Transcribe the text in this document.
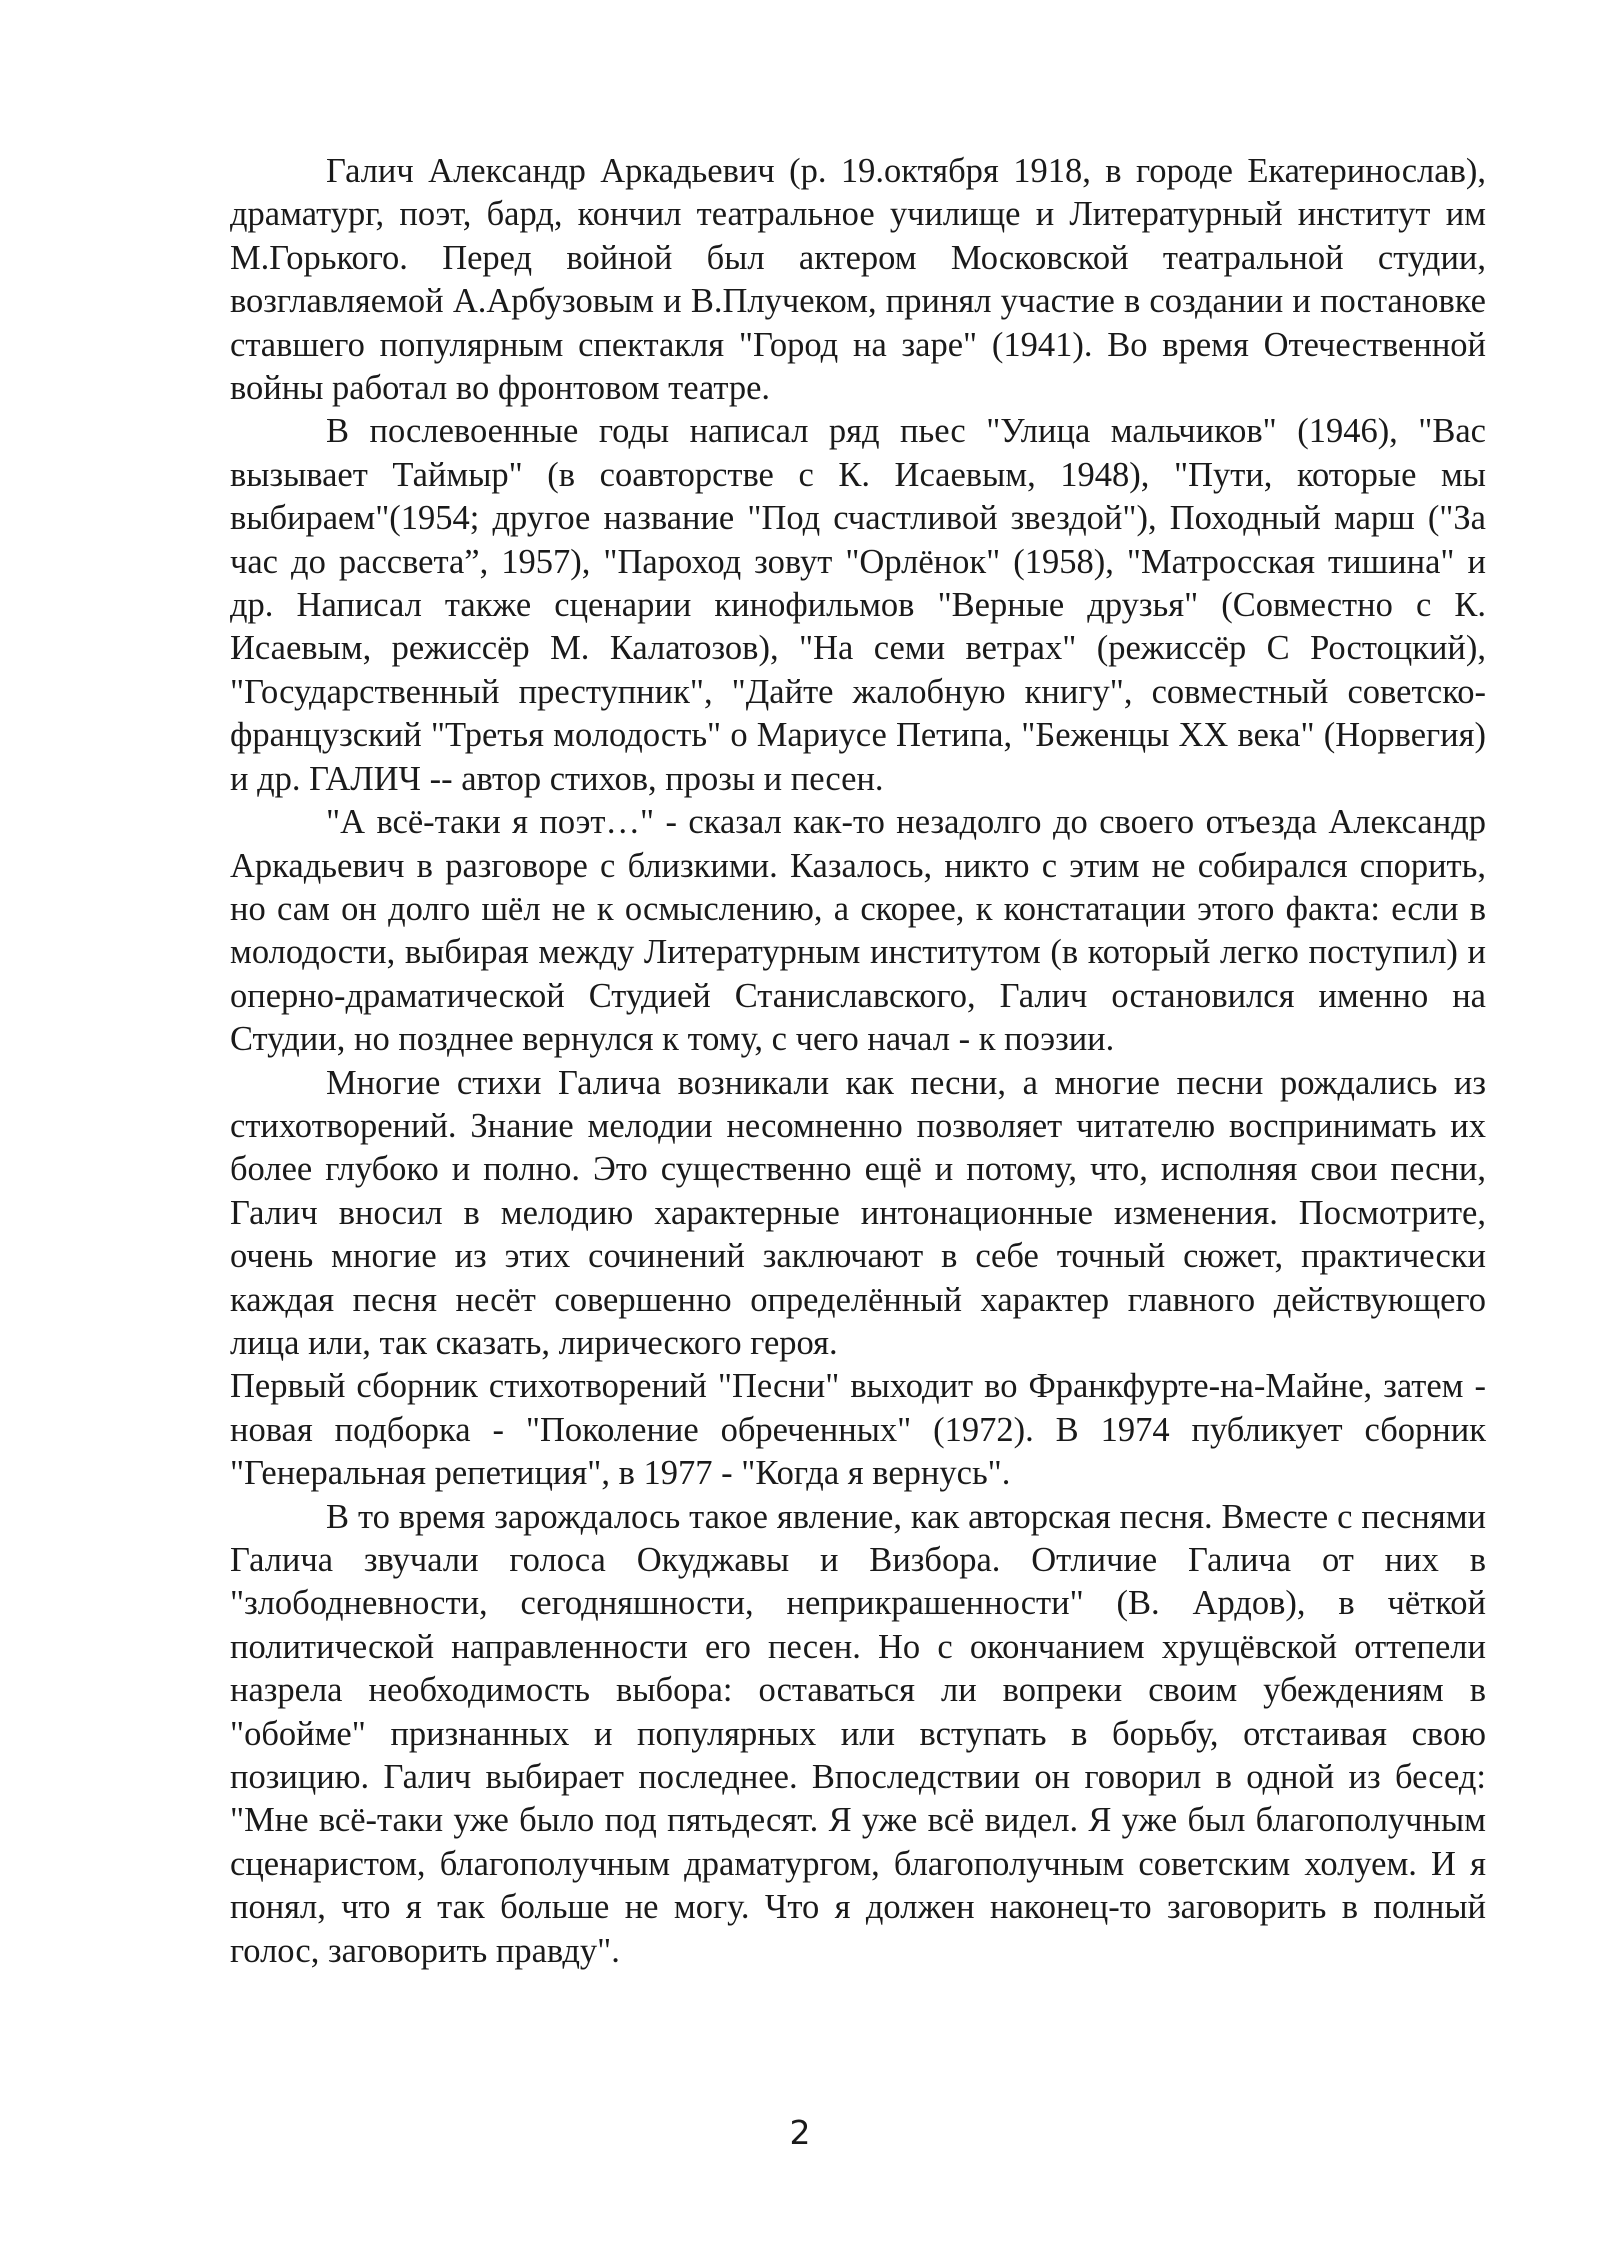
Галич Александр Аркадьевич (р. 19.октября 1918, в городе Екатеринослав), драматург, поэт, бард, кончил театральное училище и Литературный институт им М.Горького. Перед войной был актером Московской театральной студии, возглавляемой А.Арбузовым и В.Плучеком, принял участие в создании и постановке ставшего популярным спектакля "Город на заре" (1941). Во время Отечественной войны работал во фронтовом театре.

В послевоенные годы написал ряд пьес "Улица мальчиков" (1946), "Вас вызывает Таймыр" (в соавторстве с К. Исаевым, 1948), "Пути, которые мы выбираем"(1954; другое название "Под счастливой звездой"), Походный марш ("За час до рассвета”, 1957), "Пароход зовут "Орлёнок" (1958), "Матросская тишина" и др. Написал также сценарии кинофильмов "Верные друзья" (Совместно с К. Исаевым, режиссёр М. Калатозов), "На семи ветрах" (режиссёр С Ростоцкий), "Государственный преступник", "Дайте жалобную книгу", совместный советско-французский "Третья молодость" о Мариусе Петипа, "Беженцы XX века" (Норвегия) и др. ГАЛИЧ -- автор стихов, прозы и песен.

"А всё-таки я поэт…" - сказал как-то незадолго до своего отъезда Александр Аркадьевич в разговоре с близкими. Казалось, никто с этим не собирался спорить, но сам он долго шёл не к осмыслению, а скорее, к констатации этого факта: если в молодости, выбирая между Литературным институтом (в который легко поступил) и оперно-драматической Студией Станиславского, Галич остановился именно на Студии, но позднее вернулся к тому, с чего начал - к поэзии.

Многие стихи Галича возникали как песни, а многие песни рождались из стихотворений. Знание мелодии несомненно позволяет читателю воспринимать их более глубоко и полно. Это существенно ещё и потому, что, исполняя свои песни, Галич вносил в мелодию характерные интонационные изменения. Посмотрите, очень многие из этих сочинений заключают в себе точный сюжет, практически каждая песня несёт совершенно определённый характер главного действующего лица или, так сказать, лирического героя.

Первый сборник стихотворений "Песни" выходит во Франкфурте-на-Майне, затем - новая подборка - "Поколение обреченных" (1972). В 1974 публикует сборник "Генеральная репетиция", в 1977 - "Когда я вернусь".

В то время зарождалось такое явление, как авторская песня. Вместе с песнями Галича звучали голоса Окуджавы и Визбора. Отличие Галича от них в "злободневности, сегодняшности, неприкрашенности" (В. Ардов), в чёткой политической направленности его песен. Но с окончанием хрущёвской оттепели назрела необходимость выбора: оставаться ли вопреки своим убеждениям в "обойме" признанных и популярных или вступать в борьбу, отстаивая свою позицию. Галич выбирает последнее. Впоследствии он говорил в одной из бесед: "Мне всё-таки уже было под пятьдесят. Я уже всё видел. Я уже был благополучным сценаристом, благополучным драматургом, благополучным советским холуем. И я понял, что я так больше не могу. Что я должен наконец-то заговорить в полный голос, заговорить правду".

2
